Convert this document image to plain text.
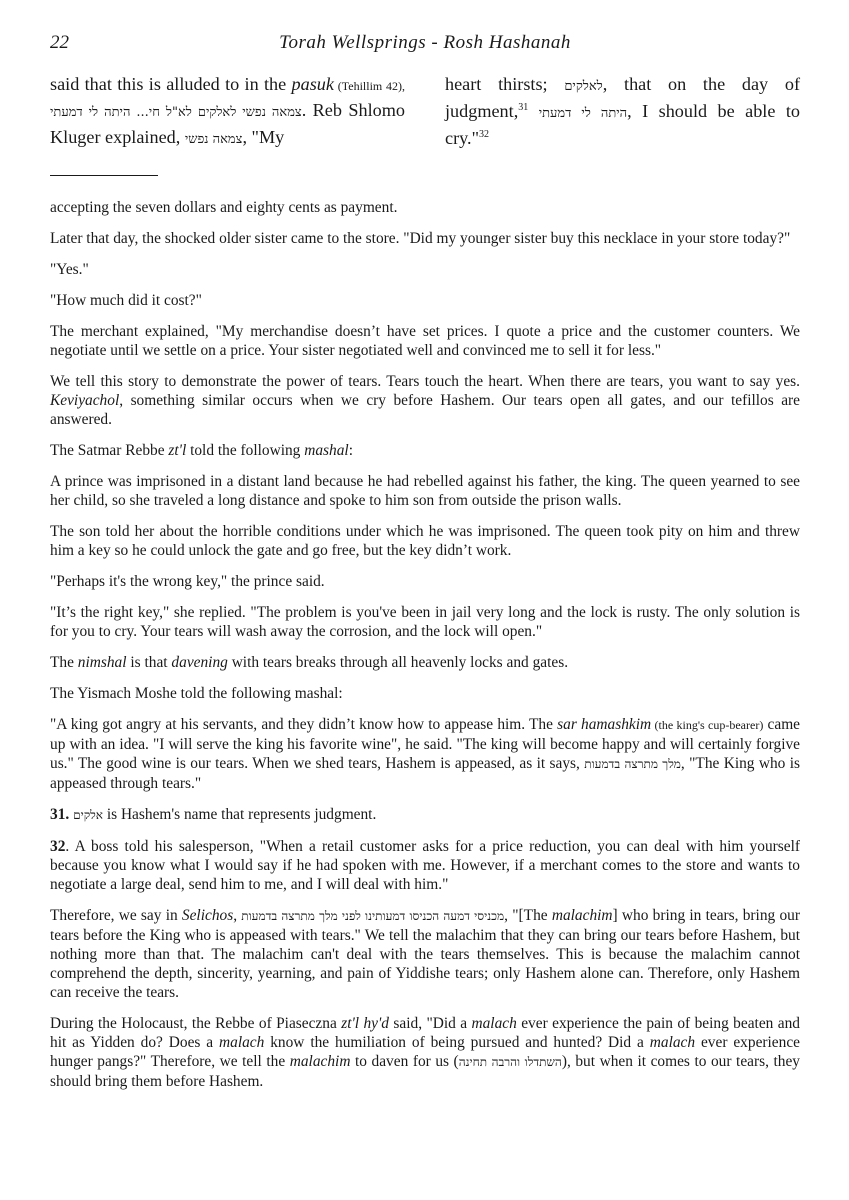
22	Torah Wellsprings - Rosh Hashanah
said that this is alluded to in the pasuk (Tehillim 42), צמאה נפשי לאלקים לא"ל חי... היתה לי דמעתי. Reb Shlomo Kluger explained, צמאה נפשי, "My
heart thirsts; לאלקים, that on the day of judgment,$^{31}$ היתה לי דמעתי, I should be able to cry."$^{32}$

accepting the seven dollars and eighty cents as payment.

Later that day, the shocked older sister came to the store. "Did my younger sister buy this necklace in your store today?"

"Yes."

"How much did it cost?"

The merchant explained, "My merchandise doesn’t have set prices. I quote a price and the customer counters. We negotiate until we settle on a price. Your sister negotiated well and convinced me to sell it for less."

We tell this story to demonstrate the power of tears. Tears touch the heart. When there are tears, you want to say yes. Keviyachol, something similar occurs when we cry before Hashem. Our tears open all gates, and our tefillos are answered.

The Satmar Rebbe zt'l told the following mashal:

A prince was imprisoned in a distant land because he had rebelled against his father, the king. The queen yearned to see her child, so she traveled a long distance and spoke to him son from outside the prison walls.

The son told her about the horrible conditions under which he was imprisoned. The queen took pity on him and threw him a key so he could unlock the gate and go free, but the key didn’t work.

"Perhaps it's the wrong key," the prince said.

"It’s the right key," she replied. "The problem is you've been in jail very long and the lock is rusty. The only solution is for you to cry. Your tears will wash away the corrosion, and the lock will open."

The nimshal is that davening with tears breaks through all heavenly locks and gates.

The Yismach Moshe told the following mashal:

"A king got angry at his servants, and they didn’t know how to appease him. The sar hamashkim (the king's cup-bearer) came up with an idea. "I will serve the king his favorite wine", he said. "The king will become happy and will certainly forgive us." The good wine is our tears. When we shed tears, Hashem is appeased, as it says, מלך מתרצה בדמעות, "The King who is appeased through tears."

31. אלקים is Hashem's name that represents judgment.

32. A boss told his salesperson, "When a retail customer asks for a price reduction, you can deal with him yourself because you know what I would say if he had spoken with me. However, if a merchant comes to the store and wants to negotiate a large deal, send him to me, and I will deal with him."

Therefore, we say in Selichos, מכניסי דמעה הכניסו דמעותינו לפני מלך מתרצה בדמעות, "[The malachim] who bring in tears, bring our tears before the King who is appeased with tears." We tell the malachim that they can bring our tears before Hashem, but nothing more than that. The malachim can't deal with the tears themselves. This is because the malachim cannot comprehend the depth, sincerity, yearning, and pain of Yiddishe tears; only Hashem alone can. Therefore, only Hashem can receive the tears.

During the Holocaust, the Rebbe of Piaseczna zt'l hy'd said, "Did a malach ever experience the pain of being beaten and hit as Yidden do? Does a malach know the humiliation of being pursued and hunted? Did a malach ever experience hunger pangs?" Therefore, we tell the malachim to daven for us (השתדלו והרבה תחינה), but when it comes to our tears, they should bring them before Hashem.
